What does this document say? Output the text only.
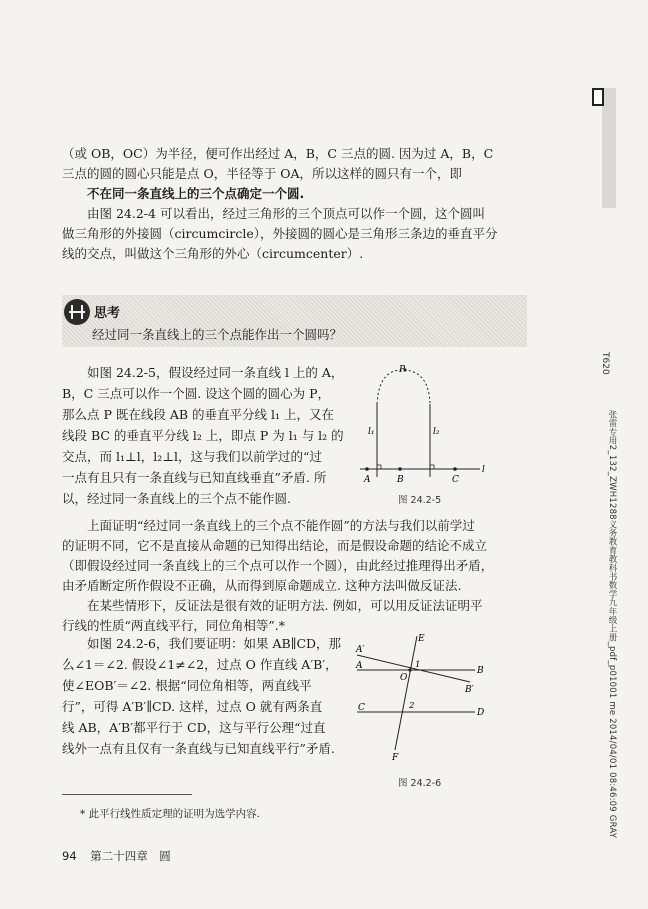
T620
张雷专用2_132_ZWH1288义务教育教科书数学九年级上册_pdf_p01001 me 2014/04/01 08:46:09 GRAY

（或 OB，OC）为半径，便可作出经过 A，B，C 三点的圆. 因为过 A，B，C

三点的圆的圆心只能是点 O，半径等于 OA，所以这样的圆只有一个，即

不在同一条直线上的三个点确定一个圆.

由图 24.2-4 可以看出，经过三角形的三个顶点可以作一个圆，这个圆叫

做三角形的外接圆（circumcircle），外接圆的圆心是三角形三条边的垂直平分

线的交点，叫做这个三角形的外心（circumcenter）.

思考
经过同一条直线上的三个点能作出一个圆吗？

如图 24.2-5，假设经过同一条直线 l 上的 A，

B，C 三点可以作一个圆. 设这个圆的圆心为 P，

那么点 P 既在线段 AB 的垂直平分线 l₁ 上，又在

线段 BC 的垂直平分线 l₂ 上，即点 P 为 l₁ 与 l₂ 的

交点，而 l₁⊥l，l₂⊥l，这与我们以前学过的“过

一点有且只有一条直线与已知直线垂直”矛盾. 所

以，经过同一条直线上的三个点不能作圆.

P
l₁	l₂
l
A	B	C
图 24.2-5

上面证明“经过同一条直线上的三个点不能作圆”的方法与我们以前学过

的证明不同，它不是直接从命题的已知得出结论，而是假设命题的结论不成立

（即假设经过同一条直线上的三个点可以作一个圆），由此经过推理得出矛盾，

由矛盾断定所作假设不正确，从而得到原命题成立. 这种方法叫做反证法.

在某些情形下，反证法是很有效的证明方法. 例如，可以用反证法证明平

行线的性质“两直线平行，同位角相等”.*

如图 24.2-6，我们要证明：如果 AB∥CD，那

么∠1＝∠2. 假设∠1≠∠2，过点 O 作直线 A′B′，

使∠EOB′＝∠2. 根据“同位角相等，两直线平

行”，可得 A′B′∥CD. 这样，过点 O 就有两条直

线 AB，A′B′都平行于 CD，这与平行公理“过直

线外一点有且仅有一条直线与已知直线平行”矛盾.

E
A′
A
O
1
B
B′
C	2
D
F
图 24.2-6
* 此平行线性质定理的证明为选学内容.
94 第二十四章　圆
